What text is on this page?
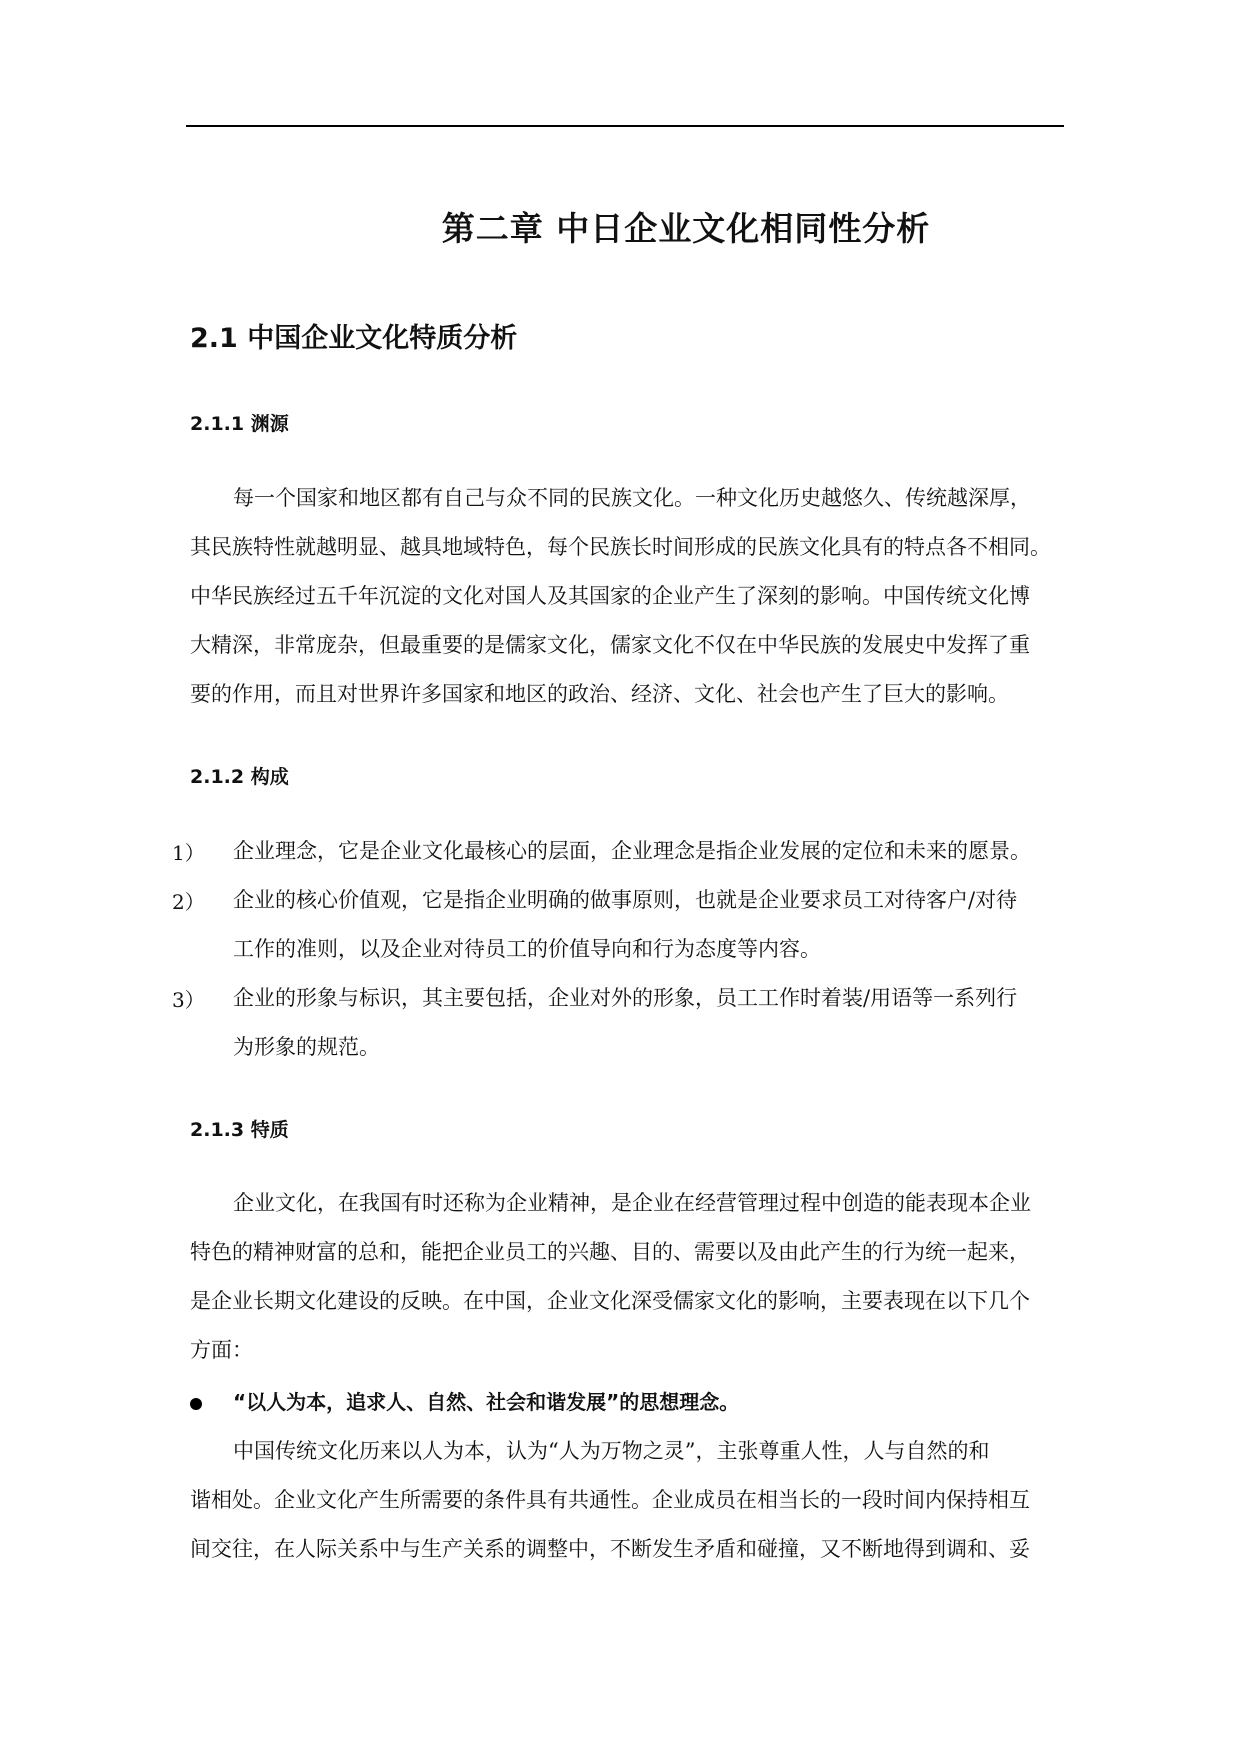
第二章 中日企业文化相同性分析
2.1 中国企业文化特质分析
2.1.1 渊源
每一个国家和地区都有自己与众不同的民族文化。一种文化历史越悠久、传统越深厚，
其民族特性就越明显、越具地域特色，每个民族长时间形成的民族文化具有的特点各不相同。
中华民族经过五千年沉淀的文化对国人及其国家的企业产生了深刻的影响。中国传统文化博
大精深，非常庞杂，但最重要的是儒家文化，儒家文化不仅在中华民族的发展史中发挥了重
要的作用，而且对世界许多国家和地区的政治、经济、文化、社会也产生了巨大的影响。
2.1.2 构成
1） 企业理念，它是企业文化最核心的层面，企业理念是指企业发展的定位和未来的愿景。
2） 企业的核心价值观，它是指企业明确的做事原则，也就是企业要求员工对待客户/对待
工作的准则，以及企业对待员工的价值导向和行为态度等内容。
3） 企业的形象与标识，其主要包括，企业对外的形象，员工工作时着装/用语等一系列行
为形象的规范。
2.1.3 特质
企业文化，在我国有时还称为企业精神，是企业在经营管理过程中创造的能表现本企业
特色的精神财富的总和，能把企业员工的兴趣、目的、需要以及由此产生的行为统一起来，
是企业长期文化建设的反映。在中国，企业文化深受儒家文化的影响，主要表现在以下几个
方面：
“以人为本，追求人、自然、社会和谐发展”的思想理念。
中国传统文化历来以人为本，认为“人为万物之灵”，主张尊重人性，人与自然的和
谐相处。企业文化产生所需要的条件具有共通性。企业成员在相当长的一段时间内保持相互
间交往，在人际关系中与生产关系的调整中，不断发生矛盾和碰撞，又不断地得到调和、妥
